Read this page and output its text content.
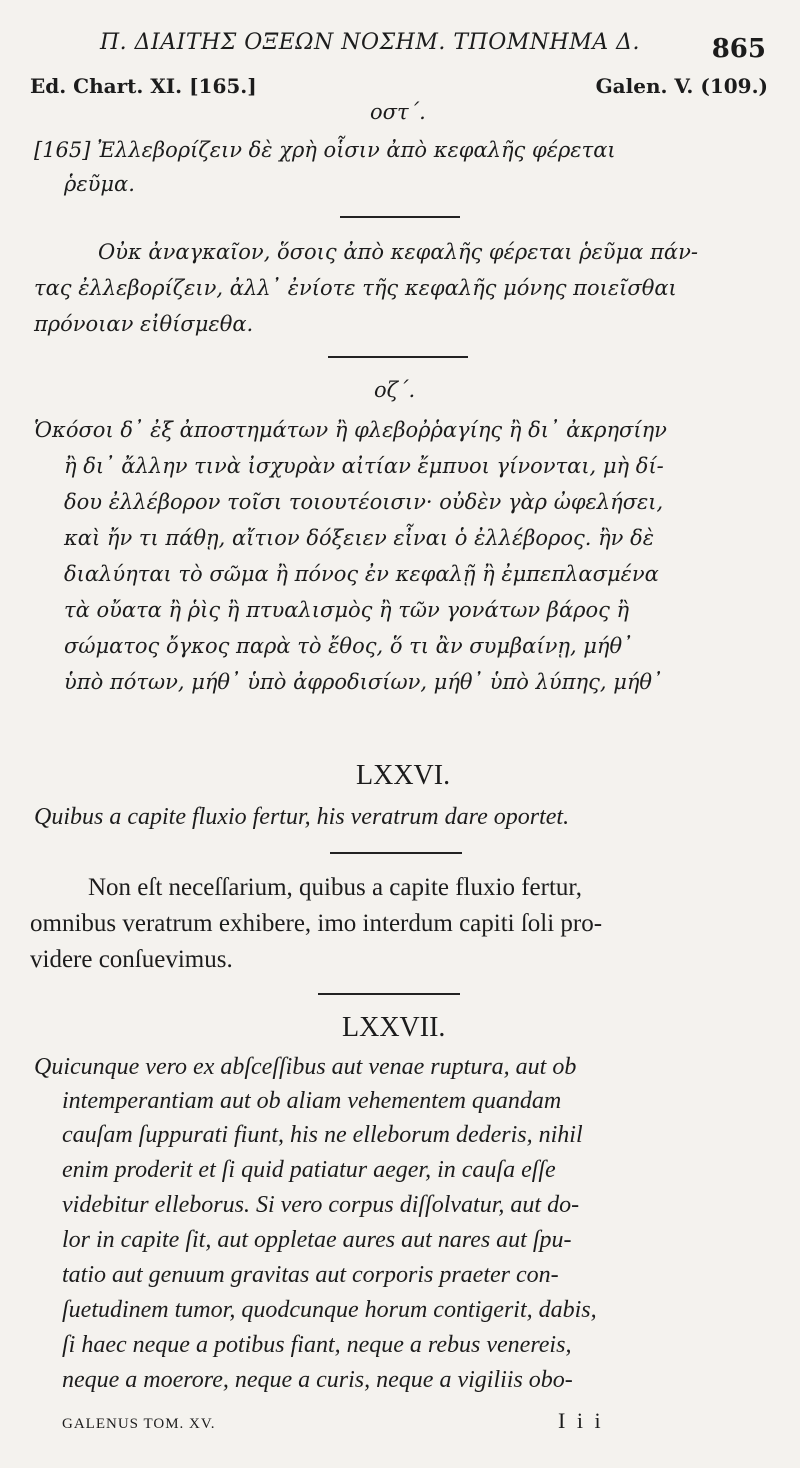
Π. ΔΙΑΙΤΗΣ ΟΞΕΩΝ ΝΟΣΗΜ. ΤΠΟΜΝΗΜΑ Δ.	865
Ed. Chart. XI. [165.]	Galen. V. (109.)
οστ΄.
[165] Ἐλλεβορίζειν δὲ χρὴ οἷσιν ἀπὸ κεφαλῆς φέρεται
ῥεῦμα.
Οὐκ ἀναγκαῖον, ὅσοις ἀπὸ κεφαλῆς φέρεται ῥεῦμα πάν-
τας ἐλλεβορίζειν, ἀλλ᾽ ἐνίοτε τῆς κεφαλῆς μόνης ποιεῖσθαι
πρόνοιαν εἰθίσμεθα.
οζ΄.
Ὁκόσοι δ᾽ ἐξ ἀποστημάτων ἢ φλεβοῤῥαγίης ἢ δι᾽ ἀκρησίην
ἢ δι᾽ ἄλλην τινὰ ἰσχυρὰν αἰτίαν ἔμπυοι γίνονται, μὴ δί-
δου ἐλλέβορον τοῖσι τοιουτέοισιν· οὐδὲν γὰρ ὠφελήσει,
καὶ ἤν τι πάθῃ, αἴτιον δόξειεν εἶναι ὁ ἐλλέβορος. ἢν δὲ
διαλύηται τὸ σῶμα ἢ πόνος ἐν κεφαλῇ ἢ ἐμπεπλασμένα
τὰ οὔατα ἢ ῥὶς ἢ πτυαλισμὸς ἢ τῶν γονάτων βάρος ἢ
σώματος ὄγκος παρὰ τὸ ἔθος, ὅ τι ἂν συμβαίνῃ, μήθ᾽
ὑπὸ πότων, μήθ᾽ ὑπὸ ἀφροδισίων, μήθ᾽ ὑπὸ λύπης, μήθ᾽
LXXVI.
Quibus a capite fluxio fertur, his veratrum dare oportet.
Non eſt neceſſarium, quibus a capite fluxio fertur,
omnibus veratrum exhibere, imo interdum capiti ſoli pro-
videre conſuevimus.
LXXVII.
Quicunque vero ex abſceſſibus aut venae ruptura, aut ob
intemperantiam aut ob aliam vehementem quandam
cauſam ſuppurati fiunt, his ne elleborum dederis, nihil
enim proderit et ſi quid patiatur aeger, in cauſa eſſe
videbitur elleborus. Si vero corpus diſſolvatur, aut do-
lor in capite ſit, aut oppletae aures aut nares aut ſpu-
tatio aut genuum gravitas aut corporis praeter con-
ſuetudinem tumor, quodcunque horum contigerit, dabis,
ſi haec neque a potibus fiant, neque a rebus venereis,
neque a moerore, neque a curis, neque a vigiliis obo-
GALENUS TOM. XV.	I i i
